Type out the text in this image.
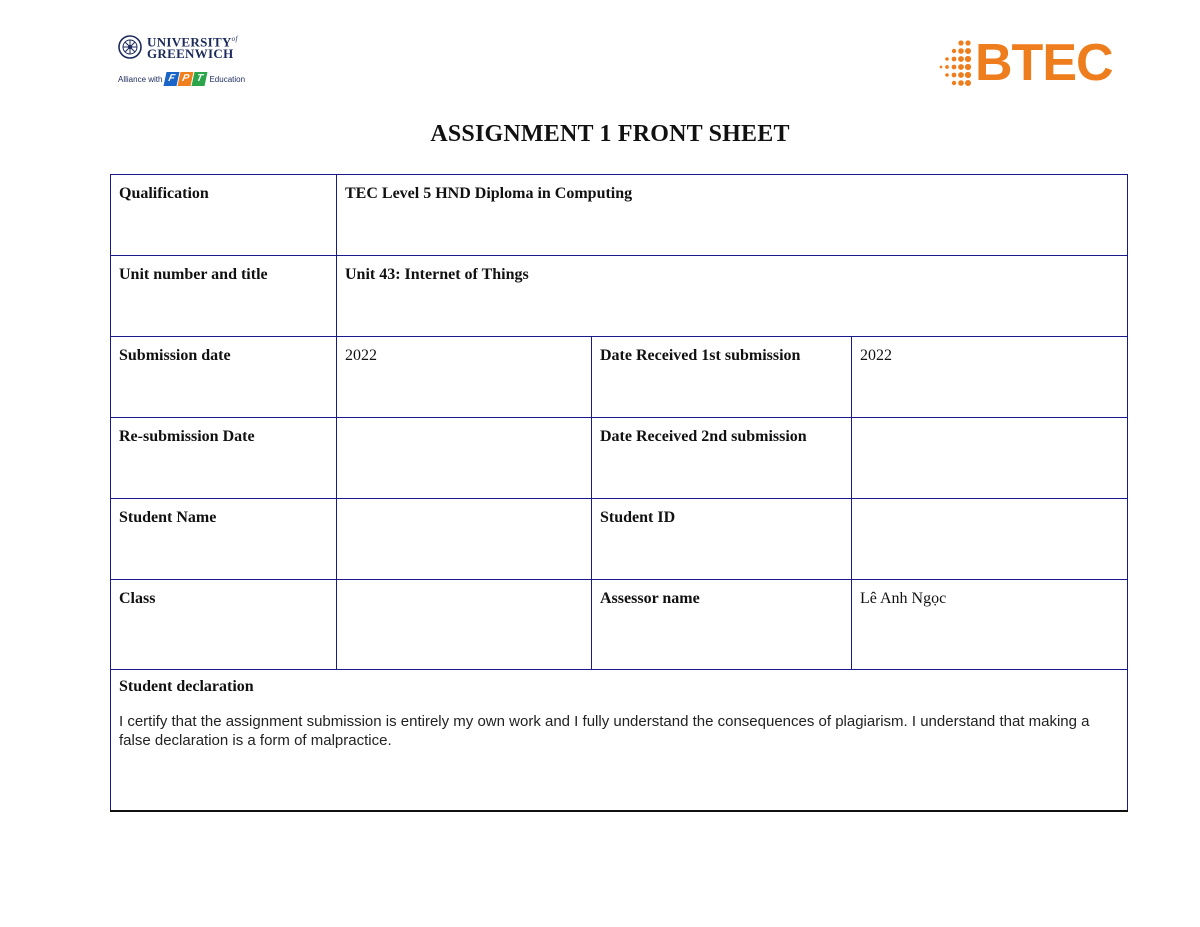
$UNIVERSITY^{of}$
GREENWICH
Alliance with F P T Education	BTEC
ASSIGNMENT 1 FRONT SHEET
Qualification	TEC Level 5 HND Diploma in Computing		
Unit number and title	Unit 43: Internet of Things		
Submission date	2022	Date Received 1st submission	2022
Re-submission Date		Date Received 2nd submission	
Student Name		Student ID	
Class		Assessor name	Lê Anh Ngọc

Student declaration
I certify that the assignment submission is entirely my own work and I fully understand the consequences of plagiarism. I understand that making a false declaration is a form of malpractice.			
